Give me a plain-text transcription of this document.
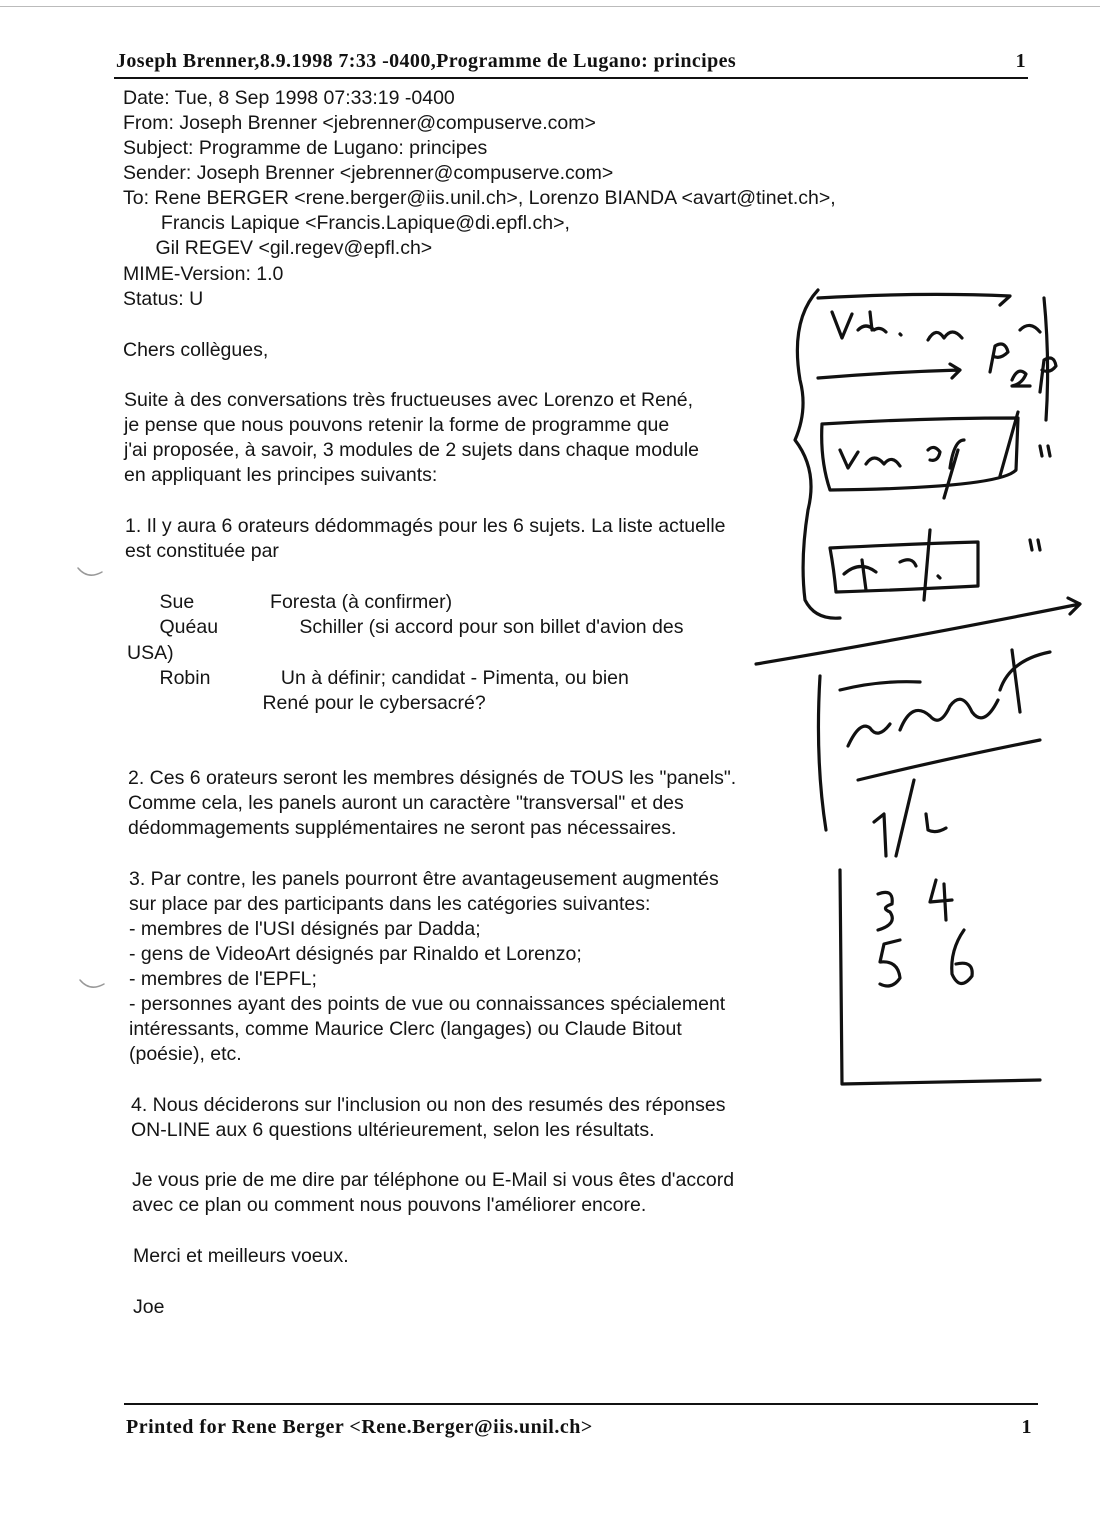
Joseph Brenner,8.9.1998 7:33 -0400,Programme de Lugano: principes	1
Date: Tue, 8 Sep 1998 07:33:19 -0400
From: Joseph Brenner <jebrenner@compuserve.com>
Subject: Programme de Lugano: principes
Sender: Joseph Brenner <jebrenner@compuserve.com>
To: Rene BERGER <rene.berger@iis.unil.ch>, Lorenzo BIANDA <avart@tinet.ch>,
Francis Lapique <Francis.Lapique@di.epfl.ch>,
Gil REGEV <gil.regev@epfl.ch>
MIME-Version: 1.0
Status: U
Chers collègues,
Suite à des conversations très fructueuses avec Lorenzo et René,
je pense que nous pouvons retenir la forme de programme que
j'ai proposée, à savoir, 3 modules de 2 sujets dans chaque module
en appliquant les principes suivants:
1. Il y aura 6 orateurs dédommagés pour les 6 sujets. La liste actuelle
est constituée par
Sue              Foresta (à confirmer)
Quéau               Schiller (si accord pour son billet d'avion des
USA)
Robin             Un à définir; candidat - Pimenta, ou bien
René pour le cybersacré?
2. Ces 6 orateurs seront les membres désignés de TOUS les "panels".
Comme cela, les panels auront un caractère "transversal" et des
dédommagements supplémentaires ne seront pas nécessaires.
3. Par contre, les panels pourront être avantageusement augmentés
sur place par des participants dans les catégories suivantes:
- membres de l'USI désignés par Dadda;
- gens de VideoArt désignés par Rinaldo et Lorenzo;
- membres de l'EPFL;
- personnes ayant des points de vue ou connaissances spécialement
intéressants, comme Maurice Clerc (langages) ou Claude Bitout
(poésie), etc.
4. Nous déciderons sur l'inclusion ou non des resumés des réponses
ON-LINE aux 6 questions ultérieurement, selon les résultats.
Je vous prie de me dire par téléphone ou E-Mail si vous êtes d'accord
avec ce plan ou comment nous pouvons l'améliorer encore.
Merci et meilleurs voeux.
Joe
Printed for Rene Berger <Rene.Berger@iis.unil.ch>	1
